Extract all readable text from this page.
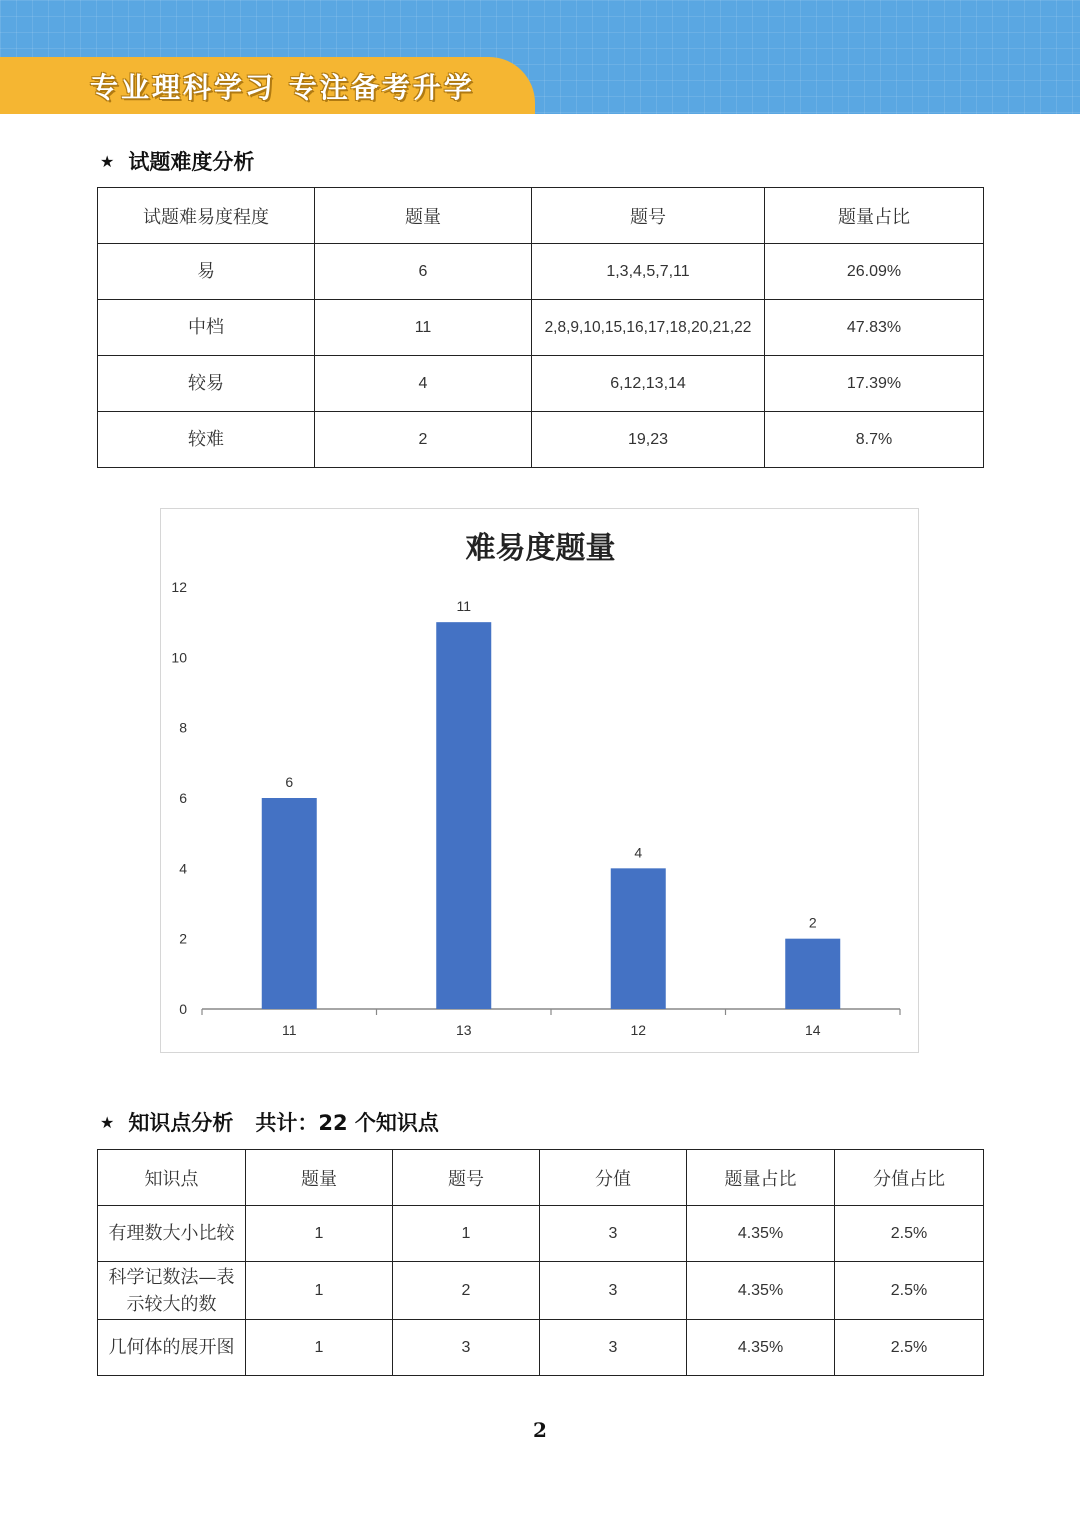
专业理科学习 专注备考升学
★ 试题难度分析
试题难易度程度	题量	题号	题量占比
易	6	1,3,4,5,7,11	26.09%
中档	11	2,8,9,10,15,16,17,18,20,21,22	47.83%
较易	4	6,12,13,14	17.39%
较难	2	19,23	8.7%
难易度题量
0
2
4
6
8
10
12
6
11
11
13
4
12
2
14
★ 知识点分析 共计：22 个知识点
知识点	题量	题号	分值	题量占比	分值占比
有理数大小比较	1	1	3	4.35%	2.5%
科学记数法—表示较大的数	1	2	3	4.35%	2.5%
几何体的展开图	1	3	3	4.35%	2.5%
2
